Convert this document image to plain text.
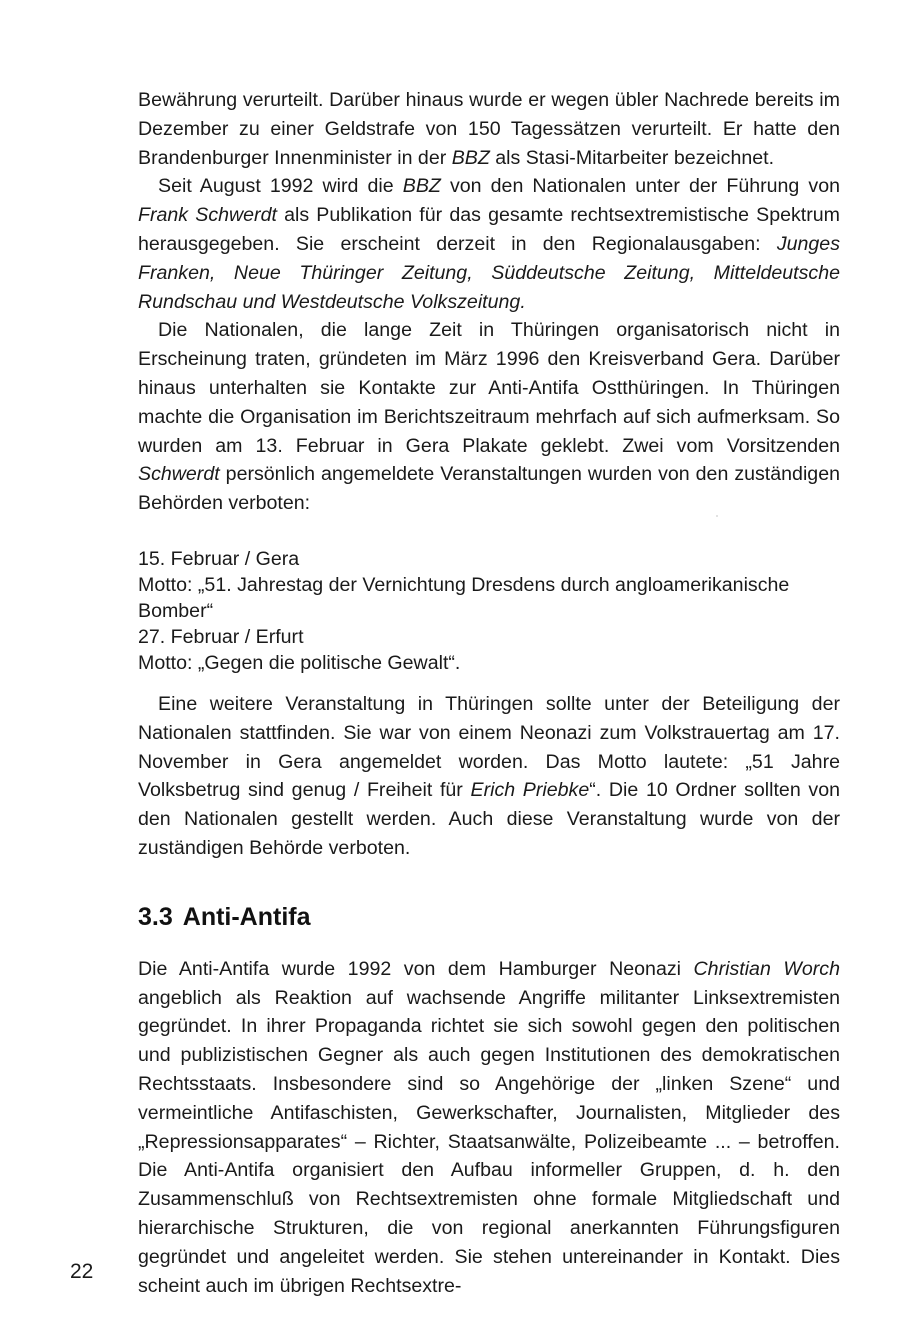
Bewährung verurteilt. Darüber hinaus wurde er wegen übler Nachrede bereits im Dezember zu einer Geldstrafe von 150 Tagessätzen verurteilt. Er hatte den Brandenburger Innenminister in der BBZ als Stasi-Mitarbeiter bezeichnet.

Seit August 1992 wird die BBZ von den Nationalen unter der Führung von Frank Schwerdt als Publikation für das gesamte rechtsextremistische Spektrum herausgegeben. Sie erscheint derzeit in den Regionalausgaben: Junges Franken, Neue Thüringer Zeitung, Süddeutsche Zeitung, Mitteldeutsche Rundschau und Westdeutsche Volkszeitung.

Die Nationalen, die lange Zeit in Thüringen organisatorisch nicht in Erscheinung traten, gründeten im März 1996 den Kreisverband Gera. Darüber hinaus unterhalten sie Kontakte zur Anti-Antifa Ostthüringen. In Thüringen machte die Organisation im Berichtszeitraum mehrfach auf sich aufmerksam. So wurden am 13. Februar in Gera Plakate geklebt. Zwei vom Vorsitzenden Schwerdt persönlich angemeldete Veranstaltungen wurden von den zuständigen Behörden verboten:

15. Februar / Gera
Motto: „51. Jahrestag der Vernichtung Dresdens durch angloamerikanische Bomber“
27. Februar / Erfurt
Motto: „Gegen die politische Gewalt“.

Eine weitere Veranstaltung in Thüringen sollte unter der Beteiligung der Nationalen stattfinden. Sie war von einem Neonazi zum Volkstrauertag am 17. November in Gera angemeldet worden. Das Motto lautete: „51 Jahre Volksbetrug sind genug / Freiheit für Erich Priebke“. Die 10 Ordner sollten von den Nationalen gestellt werden. Auch diese Veranstaltung wurde von der zuständigen Behörde verboten.

3.3 Anti-Antifa

Die Anti-Antifa wurde 1992 von dem Hamburger Neonazi Christian Worch angeblich als Reaktion auf wachsende Angriffe militanter Linksextremisten gegründet. In ihrer Propaganda richtet sie sich sowohl gegen den politischen und publizistischen Gegner als auch gegen Institutionen des demokratischen Rechtsstaats. Insbesondere sind so Angehörige der „linken Szene“ und vermeintliche Antifaschisten, Gewerkschafter, Journalisten, Mitglieder des „Repressionsapparates“ – Richter, Staatsanwälte, Polizeibeamte ... – betroffen. Die Anti-Antifa organisiert den Aufbau informeller Gruppen, d. h. den Zusammenschluß von Rechtsextremisten ohne formale Mitgliedschaft und hierarchische Strukturen, die von regional anerkannten Führungsfiguren gegründet und angeleitet werden. Sie stehen untereinander in Kontakt. Dies scheint auch im übrigen Rechtsextre-

22
